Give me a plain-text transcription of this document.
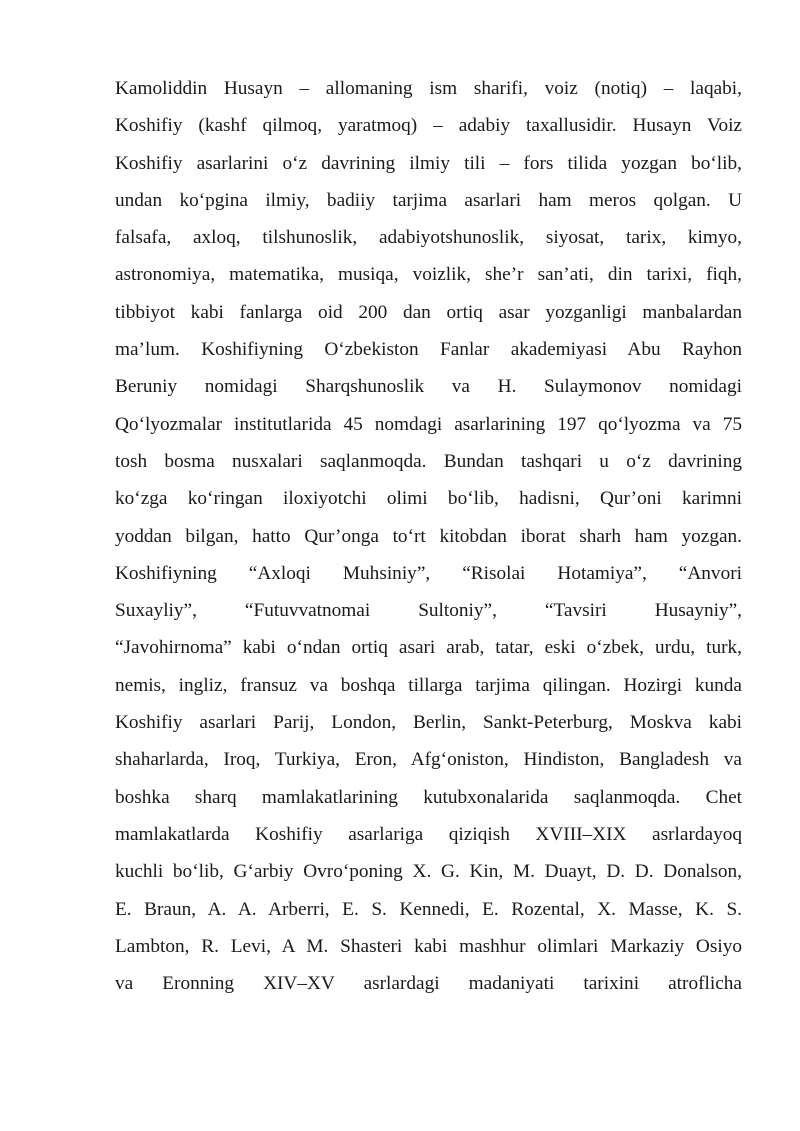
Kamoliddin Husayn – allomaning ism sharifi, voiz (notiq) – laqabi,
Koshifiy (kashf qilmoq, yaratmoq) – adabiy taxallusidir. Husayn Voiz
Koshifiy asarlarini o‘z davrining ilmiy tili – fors tilida yozgan bo‘lib,
undan ko‘pgina ilmiy, badiiy tarjima asarlari ham meros qolgan. U
falsafa, axloq, tilshunoslik, adabiyotshunoslik, siyosat, tarix, kimyo,
astronomiya, matematika, musiqa, voizlik, she’r san’ati, din tarixi, fiqh,
tibbiyot kabi fanlarga oid 200 dan ortiq asar yozganligi manbalardan
ma’lum. Koshifiyning O‘zbekiston Fanlar akademiyasi Abu Rayhon
Beruniy nomidagi Sharqshunoslik va H. Sulaymonov nomidagi
Qo‘lyozmalar institutlarida 45 nomdagi asarlarining 197 qo‘lyozma va 75
tosh bosma nusxalari saqlanmoqda. Bundan tashqari u o‘z davrining
ko‘zga ko‘ringan iloxiyotchi olimi bo‘lib, hadisni, Qur’oni karimni
yoddan bilgan, hatto Qur’onga to‘rt kitobdan iborat sharh ham yozgan.
Koshifiyning “Axloqi Muhsiniy”, “Risolai Hotamiya”, “Anvori
Suxayliy”, “Futuvvatnomai Sultoniy”, “Tavsiri Husayniy”,
“Javohirnoma” kabi o‘ndan ortiq asari arab, tatar, eski o‘zbek, urdu, turk,
nemis, ingliz, fransuz va boshqa tillarga tarjima qilingan. Hozirgi kunda
Koshifiy asarlari Parij, London, Berlin, Sankt-Peterburg, Moskva kabi
shaharlarda, Iroq, Turkiya, Eron, Afg‘oniston, Hindiston, Bangladesh va
boshka sharq mamlakatlarining kutubxonalarida saqlanmoqda. Chet
mamlakatlarda Koshifiy asarlariga qiziqish XVIII–XIX asrlardayoq
kuchli bo‘lib, G‘arbiy Ovro‘poning X. G. Kin, M. Duayt, D. D. Donalson,
E. Braun, A. A. Arberri, E. S. Kennedi, E. Rozental, X. Masse, K. S.
Lambton, R. Levi, A M. Shasteri kabi mashhur olimlari Markaziy Osiyo
va Eronning XIV–XV asrlardagi madaniyati tarixini atroflicha
